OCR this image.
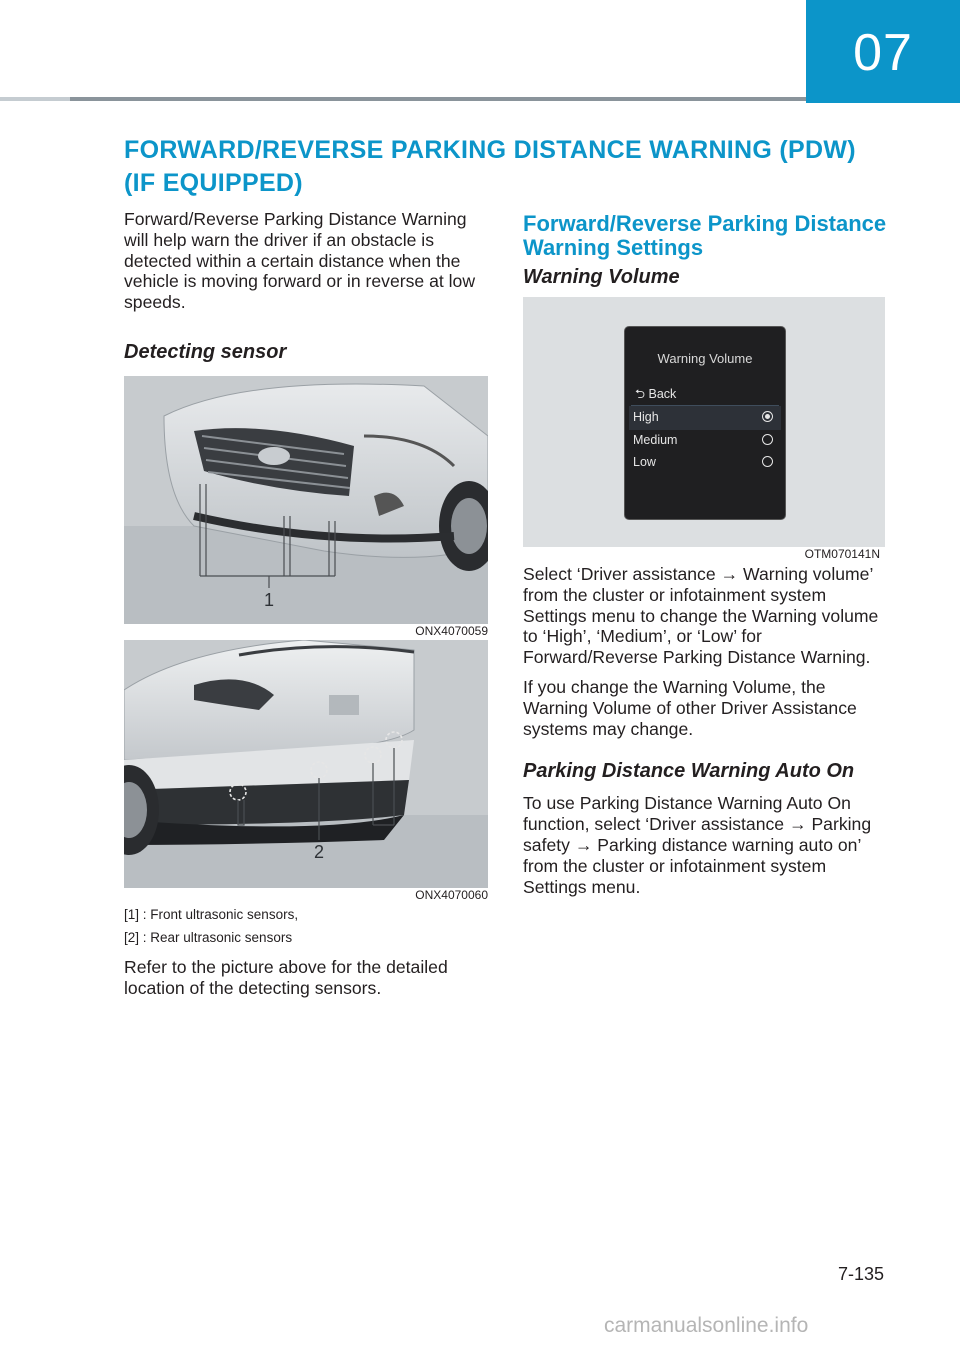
07
FORWARD/REVERSE PARKING DISTANCE WARNING (PDW)
(IF EQUIPPED)

Forward/Reverse Parking Distance Warning will help warn the driver if an obstacle is detected within a certain distance when the vehicle is moving forward or in reverse at low speeds.

Detecting sensor

1
ONX4070059
2
ONX4070060

[1] : Front ultrasonic sensors,

[2] : Rear ultrasonic sensors

Refer to the picture above for the detailed location of the detecting sensors.

Forward/Reverse Parking Distance Warning Settings

Warning Volume

Warning Volume
⮌ Back
High
Medium
Low
OTM070141N

Select ‘Driver assistance → Warning volume’ from the cluster or infotainment system Settings menu to change the Warning volume to ‘High’, ‘Medium’, or ‘Low’ for Forward/Reverse Parking Distance Warning.

If you change the Warning Volume, the Warning Volume of other Driver Assistance systems may change.

Parking Distance Warning Auto On

To use Parking Distance Warning Auto On function, select ‘Driver assistance → Parking safety → Parking distance warning auto on’ from the cluster or infotainment system Settings menu.

7-135
carmanualsonline.info
